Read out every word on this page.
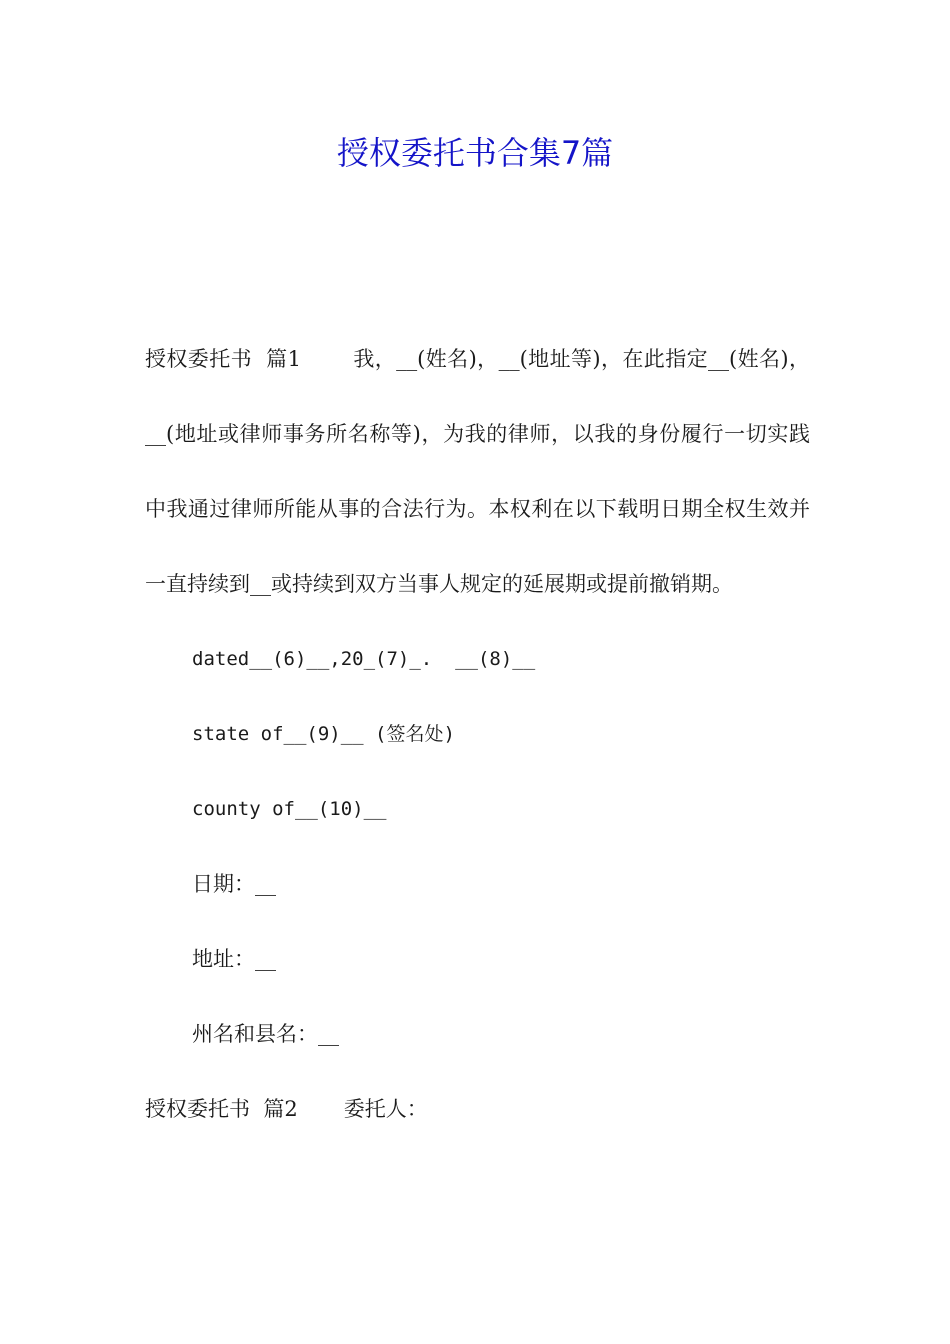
授权委托书合集7篇

授权委托书  篇1 我，__(姓名)，__(地址等)，在此指定__(姓名)，__(地址或律师事务所名称等)，为我的律师，以我的身份履行一切实践中我通过律师所能从事的合法行为。本权利在以下载明日期全权生效并一直持续到__或持续到双方当事人规定的延展期或提前撤销期。

dated__(6)__,20_(7)_.  __(8)__

state of__(9)__ (签名处)

county of__(10)__

日期：__

地址：__

州名和县名：__

授权委托书  篇2 委托人：
